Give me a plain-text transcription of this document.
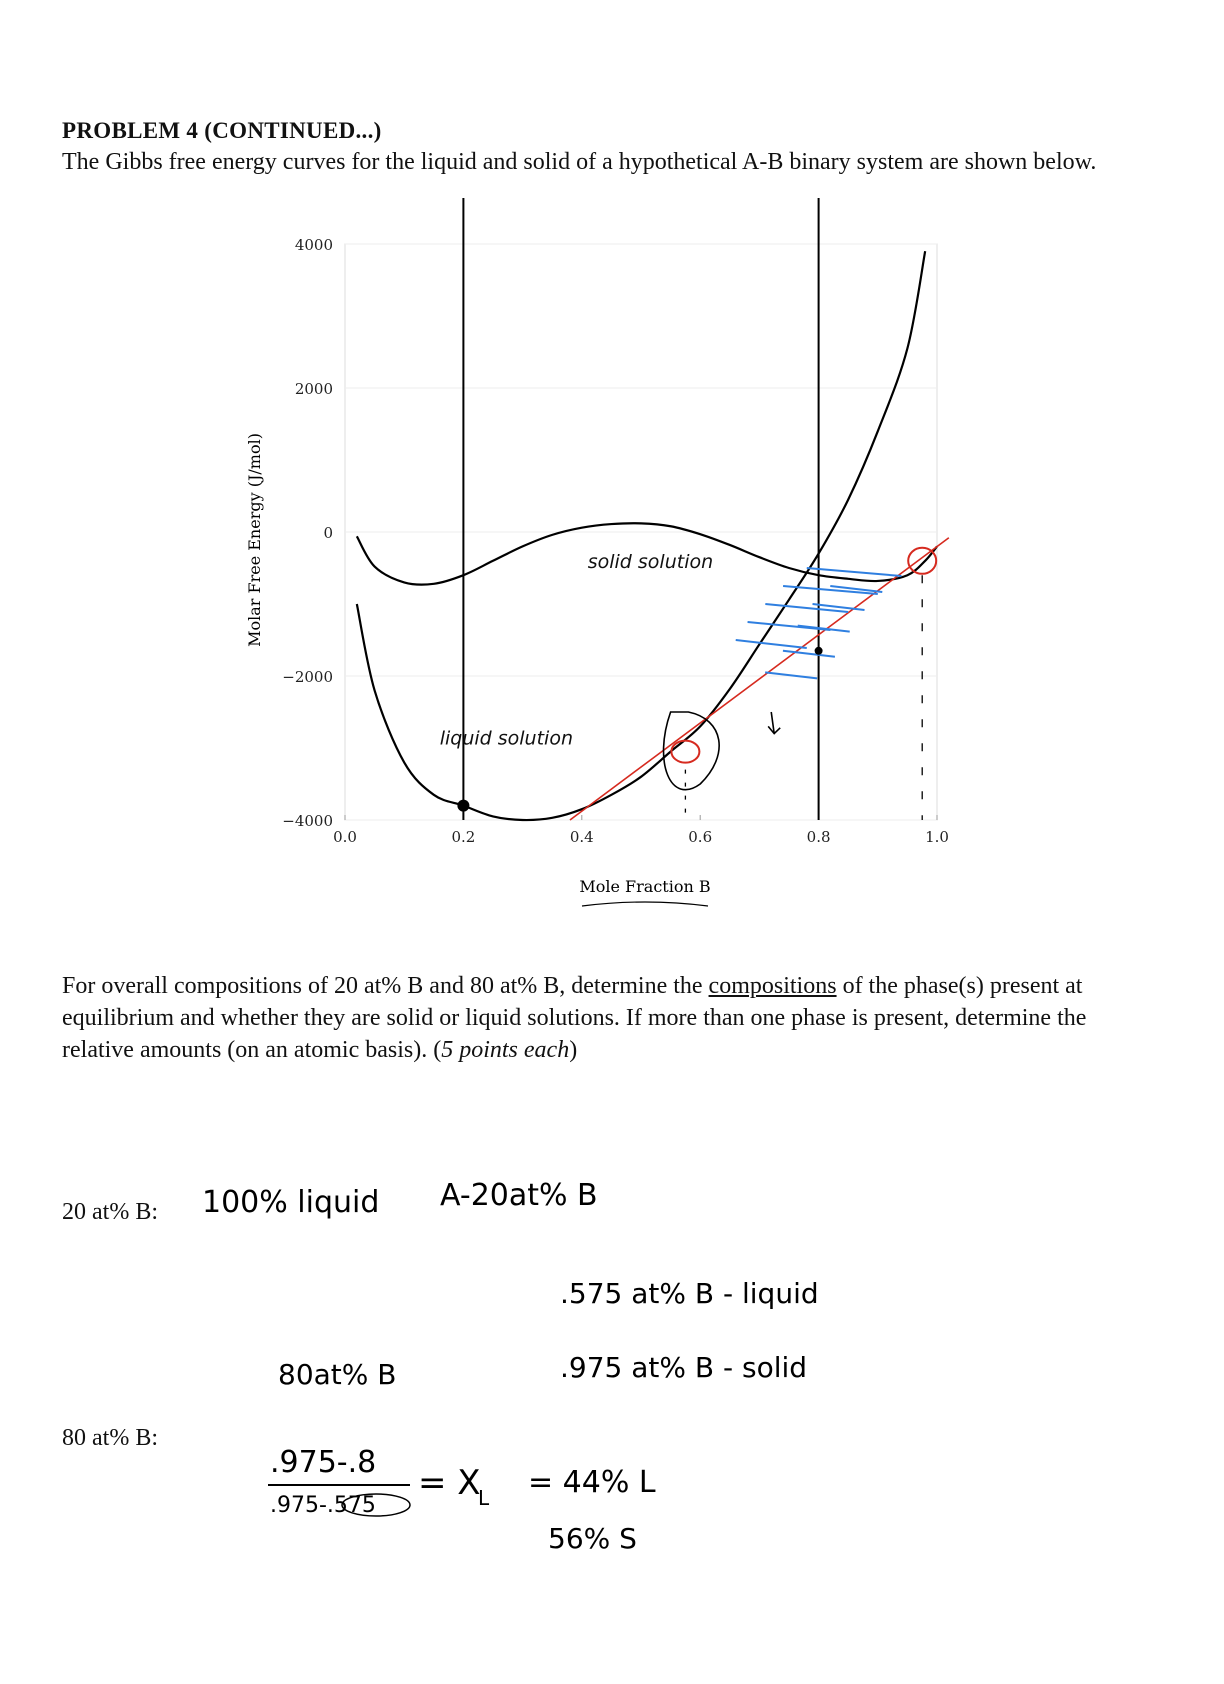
PROBLEM 4 (CONTINUED...)
The Gibbs free energy curves for the liquid and solid of a hypothetical A-B binary system are shown below.
4000
2000
0
−2000
−4000
0.0	0.2	0.4	0.6	0.8	1.0
solid solution
liquid solution
Mole Fraction B
Molar Free Energy (J/mol)
For overall compositions of 20 at% B and 80 at% B, determine the compositions of the phase(s) present at equilibrium and whether they are solid or liquid solutions. If more than one phase is present, determine the relative amounts (on an atomic basis). (5 points each)
20 at% B:
80 at% B:
100% liquid A-20at% B
.575 at% B - liquid
.975 at% B - solid
80at% B
.975-.8
.975-.575
= X
L = 44% L
56% S
